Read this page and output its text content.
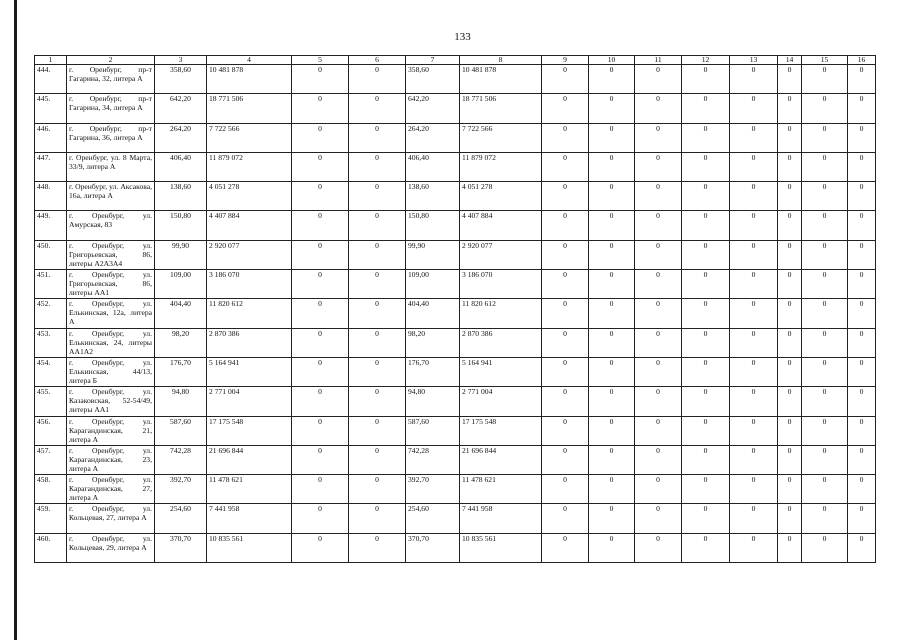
133
1	2	3	4	5	6	7	8	9	10	11	12	13	14	15	16
444.	г. Оренбург, пр-т Гагарина, 32, литера А	358,60	10 481 878	0	0	358,60	10 481 878	0	0	0	0	0	0	0	0
445.	г. Оренбург, пр-т Гагарина, 34, литера А	642,20	18 771 506	0	0	642,20	18 771 506	0	0	0	0	0	0	0	0
446.	г. Оренбург, пр-т Гагарина, 36, литера А	264,20	7 722 566	0	0	264,20	7 722 566	0	0	0	0	0	0	0	0
447.	г. Оренбург, ул. 8 Марта, 33/9, литера А	406,40	11 879 072	0	0	406,40	11 879 072	0	0	0	0	0	0	0	0
448.	г. Оренбург, ул. Аксакова, 16а, литера А	138,60	4 051 278	0	0	138,60	4 051 278	0	0	0	0	0	0	0	0
449.	г. Оренбург, ул. Амурская, 83	150,80	4 407 884	0	0	150,80	4 407 884	0	0	0	0	0	0	0	0
450.	г. Оренбург, ул. Григорьевская, 86, литеры А2А3А4	99,90	2 920 077	0	0	99,90	2 920 077	0	0	0	0	0	0	0	0
451.	г. Оренбург, ул. Григорьевская, 86, литеры АА1	109,00	3 186 070	0	0	109,00	3 186 070	0	0	0	0	0	0	0	0
452.	г. Оренбург, ул. Елькинская, 12а, литера А	404,40	11 820 612	0	0	404,40	11 820 612	0	0	0	0	0	0	0	0
453.	г. Оренбург, ул. Елькинская, 24, литеры АА1А2	98,20	2 870 386	0	0	98,20	2 870 386	0	0	0	0	0	0	0	0
454.	г. Оренбург, ул. Елькинская, 44/13, литера Б	176,70	5 164 941	0	0	176,70	5 164 941	0	0	0	0	0	0	0	0
455.	г. Оренбург, ул. Казаковская, 52-54/49, литеры АА1	94,80	2 771 004	0	0	94,80	2 771 004	0	0	0	0	0	0	0	0
456.	г. Оренбург, ул. Карагандинская, 21, литера А	587,60	17 175 548	0	0	587,60	17 175 548	0	0	0	0	0	0	0	0
457.	г. Оренбург, ул. Карагандинская, 23, литера А	742,28	21 696 844	0	0	742,28	21 696 844	0	0	0	0	0	0	0	0
458.	г. Оренбург, ул. Карагандинская, 27, литера А	392,70	11 478 621	0	0	392,70	11 478 621	0	0	0	0	0	0	0	0
459.	г. Оренбург, ул. Кольцевая, 27, литера А	254,60	7 441 958	0	0	254,60	7 441 958	0	0	0	0	0	0	0	0
460.	г. Оренбург, ул. Кольцевая, 29, литера А	370,70	10 835 561	0	0	370,70	10 835 561	0	0	0	0	0	0	0	0
